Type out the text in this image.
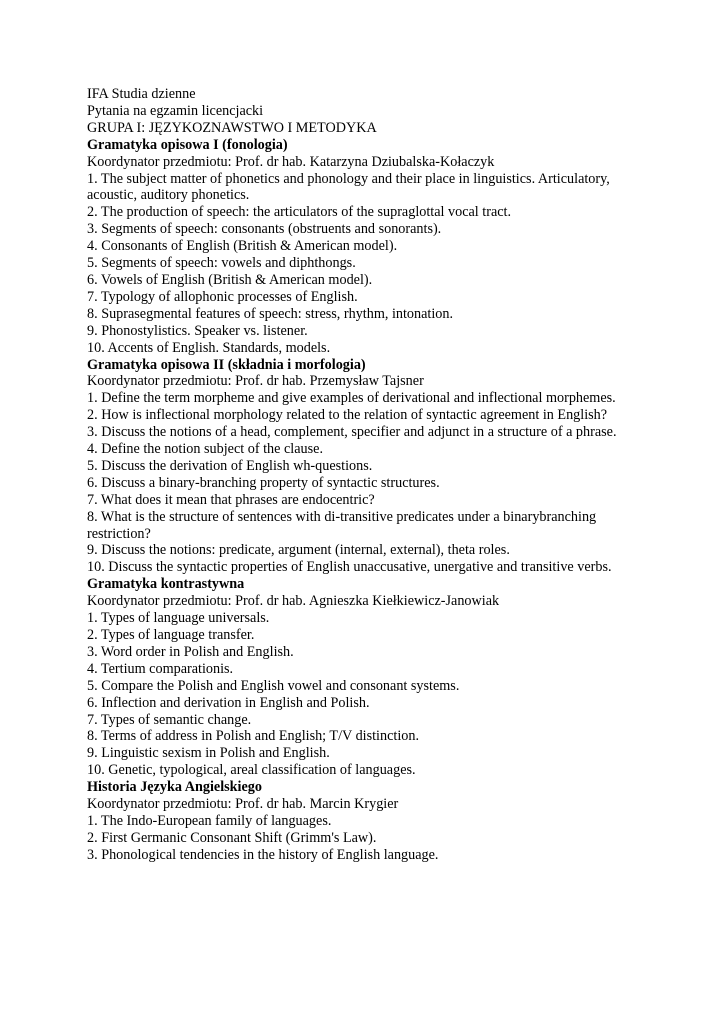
IFA Studia dzienne
Pytania na egzamin licencjacki
GRUPA I: JĘZYKOZNAWSTWO I METODYKA
Gramatyka opisowa I (fonologia)
Koordynator przedmiotu: Prof. dr hab. Katarzyna Dziubalska-Kołaczyk
1. The subject matter of phonetics and phonology and their place in linguistics. Articulatory, acoustic, auditory phonetics.
2. The production of speech: the articulators of the supraglottal vocal tract.
3. Segments of speech: consonants (obstruents and sonorants).
4. Consonants of English (British & American model).
5. Segments of speech: vowels and diphthongs.
6. Vowels of English (British & American model).
7. Typology of allophonic processes of English.
8. Suprasegmental features of speech: stress, rhythm, intonation.
9. Phonostylistics. Speaker vs. listener.
10. Accents of English. Standards, models.
Gramatyka opisowa II (składnia i morfologia)
Koordynator przedmiotu: Prof. dr hab. Przemysław Tajsner
1. Define the term morpheme and give examples of derivational and inflectional morphemes.
2. How is inflectional morphology related to the relation of syntactic agreement in English?
3. Discuss the notions of a head, complement, specifier and adjunct in a structure of a phrase.
4. Define the notion subject of the clause.
5. Discuss the derivation of English wh-questions.
6. Discuss a binary-branching property of syntactic structures.
7. What does it mean that phrases are endocentric?
8. What is the structure of sentences with di-transitive predicates under a binarybranching restriction?
9. Discuss the notions: predicate, argument (internal, external), theta roles.
10. Discuss the syntactic properties of English unaccusative, unergative and transitive verbs.
Gramatyka kontrastywna
Koordynator przedmiotu: Prof. dr hab. Agnieszka Kiełkiewicz-Janowiak
1. Types of language universals.
2. Types of language transfer.
3. Word order in Polish and English.
4. Tertium comparationis.
5. Compare the Polish and English vowel and consonant systems.
6. Inflection and derivation in English and Polish.
7. Types of semantic change.
8. Terms of address in Polish and English; T/V distinction.
9. Linguistic sexism in Polish and English.
10. Genetic, typological, areal classification of languages.
Historia Języka Angielskiego
Koordynator przedmiotu: Prof. dr hab. Marcin Krygier
1. The Indo-European family of languages.
2. First Germanic Consonant Shift (Grimm's Law).
3. Phonological tendencies in the history of English language.
